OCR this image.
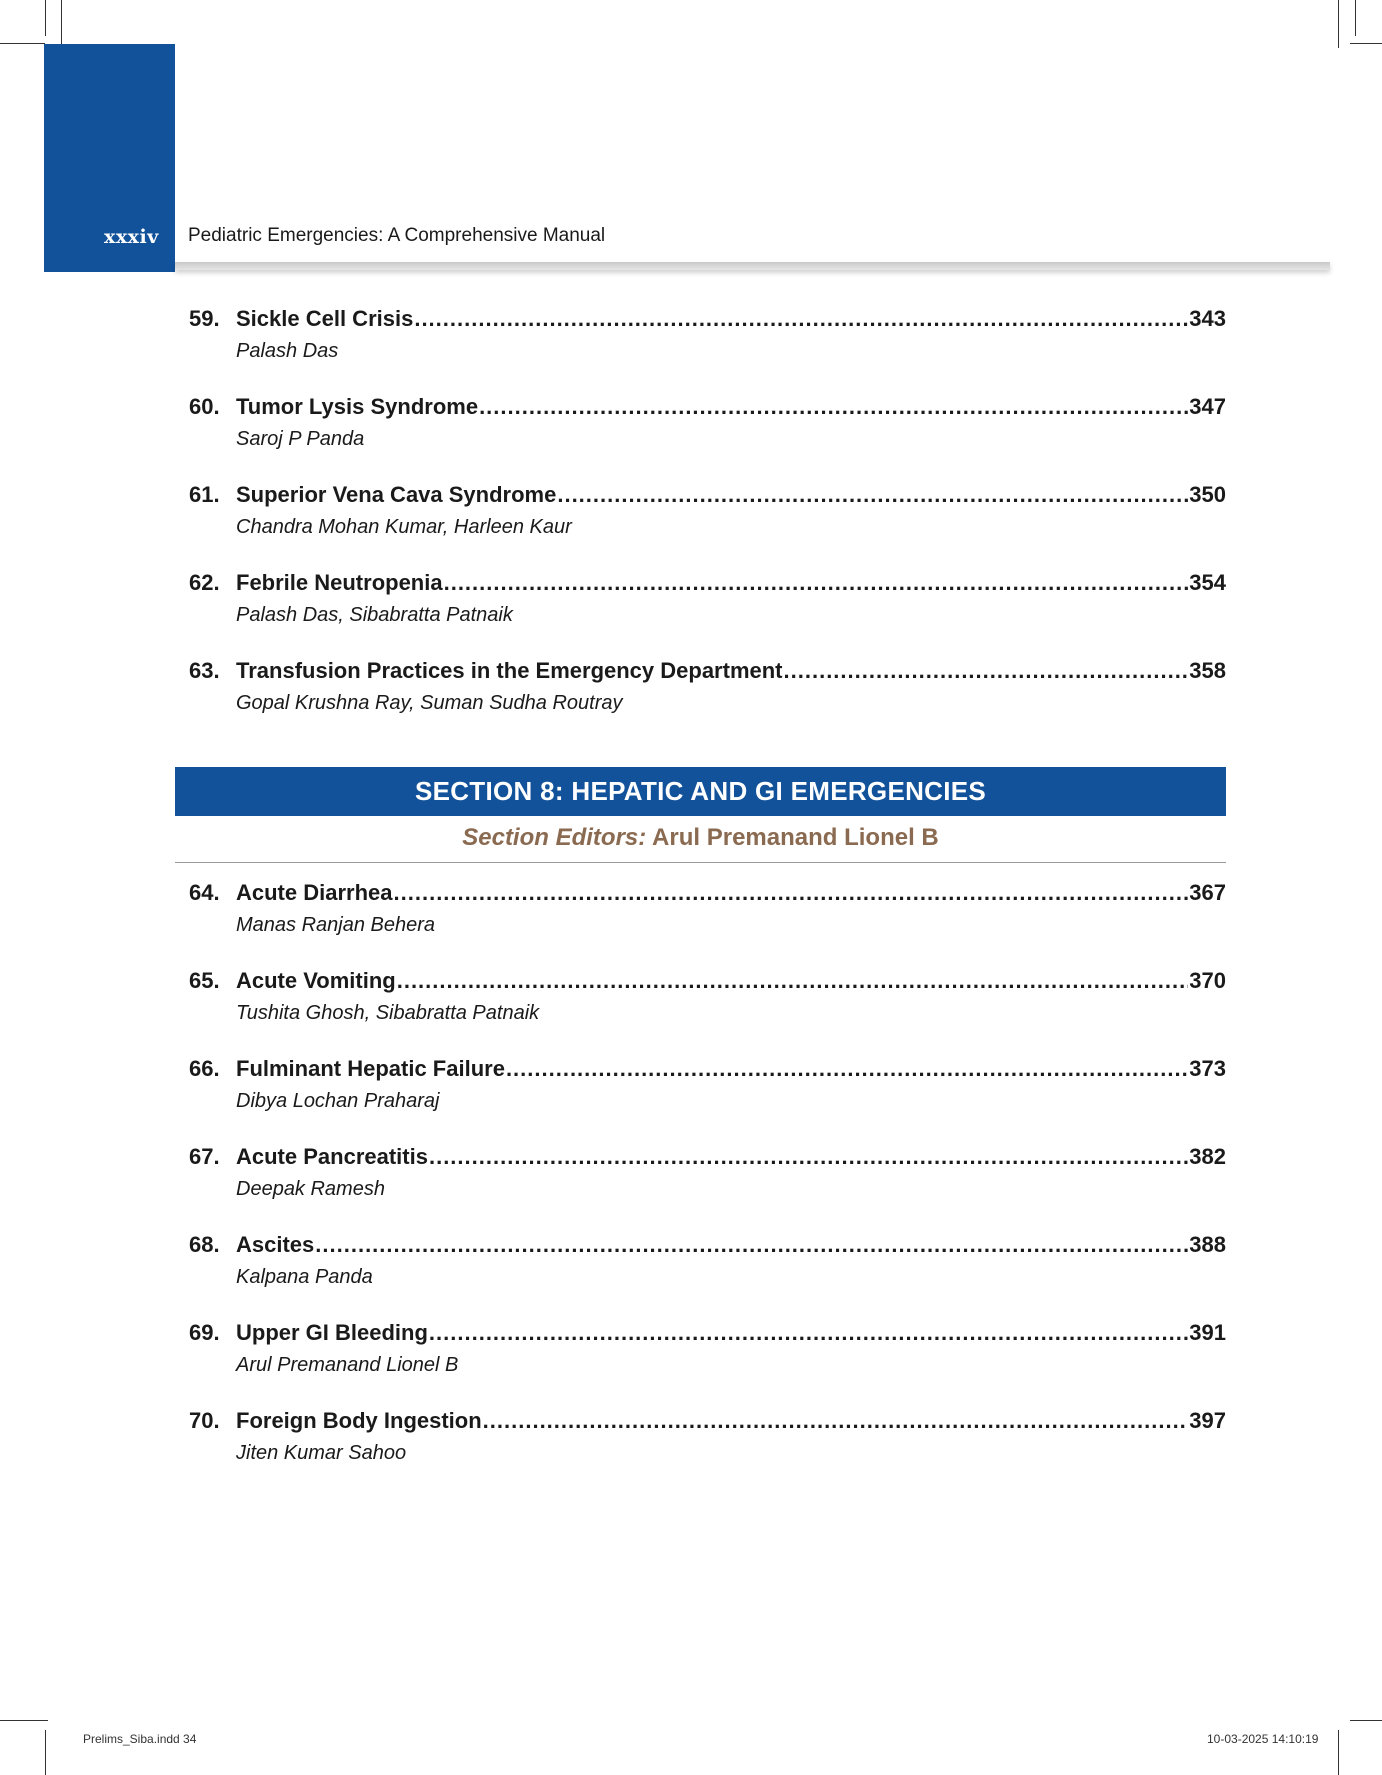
xxxiv Pediatric Emergencies: A Comprehensive Manual
59. Sickle Cell Crisis .....	343
Palash Das
60. Tumor Lysis Syndrome .....	347
Saroj P Panda
61. Superior Vena Cava Syndrome .....	350
Chandra Mohan Kumar, Harleen Kaur
62. Febrile Neutropenia .....	354
Palash Das, Sibabratta Patnaik
63. Transfusion Practices in the Emergency Department .....	358
Gopal Krushna Ray, Suman Sudha Routray
SECTION 8: HEPATIC AND GI EMERGENCIES
Section Editors: Arul Premanand Lionel B
64. Acute Diarrhea .....	367
Manas Ranjan Behera
65. Acute Vomiting .....	370
Tushita Ghosh, Sibabratta Patnaik
66. Fulminant Hepatic Failure .....	373
Dibya Lochan Praharaj
67. Acute Pancreatitis .....	382
Deepak Ramesh
68. Ascites .....	388
Kalpana Panda
69. Upper GI Bleeding .....	391
Arul Premanand Lionel B
70. Foreign Body Ingestion .....	397
Jiten Kumar Sahoo
Prelims_Siba.indd 34	10-03-2025 14:10:19
